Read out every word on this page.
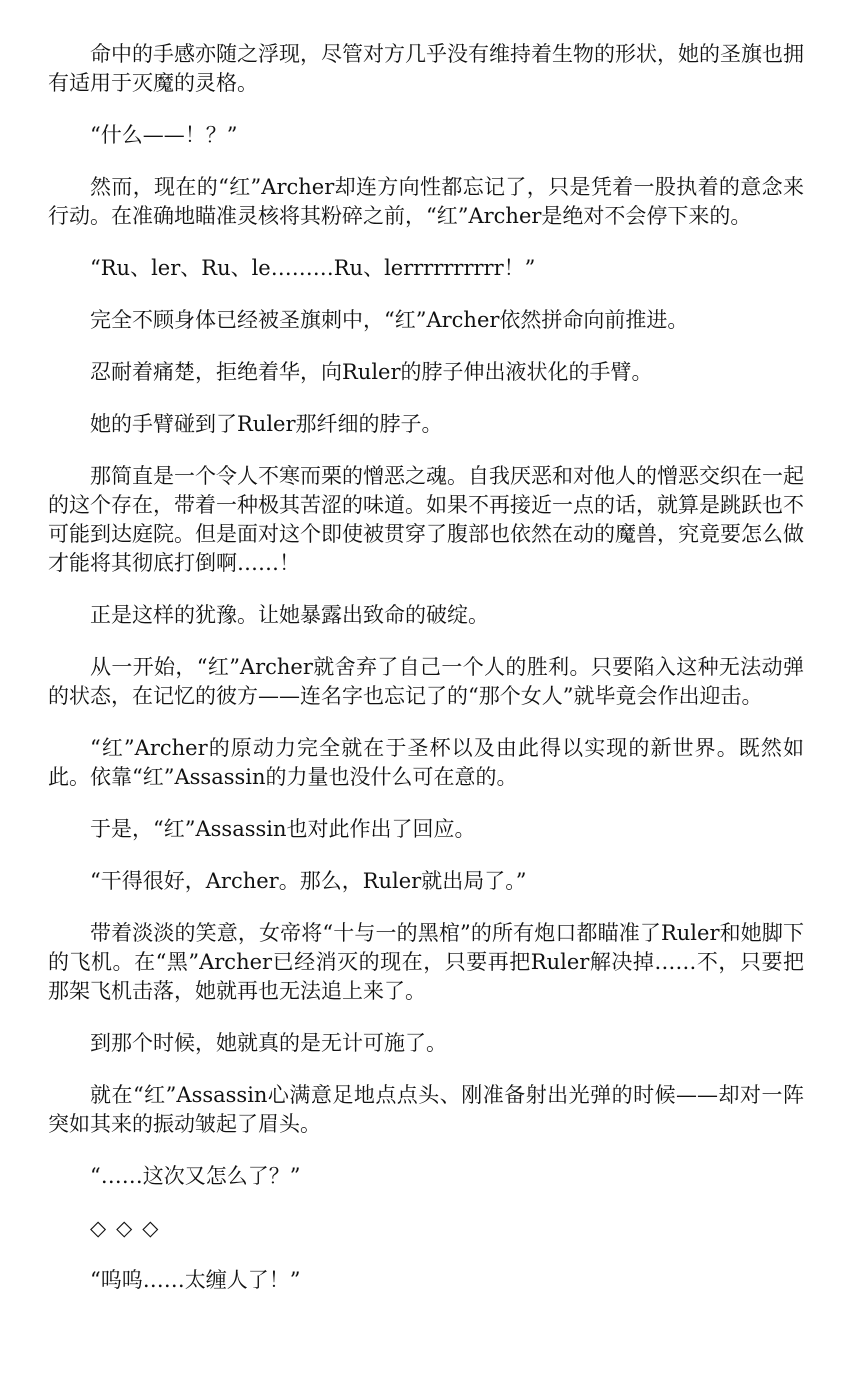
命中的手感亦随之浮现，尽管对方几乎没有维持着生物的形状，她的圣旗也拥有适用于灭魔的灵格。

“什么——！？”

然而，现在的“红”Archer却连方向性都忘记了，只是凭着一股执着的意念来行动。在准确地瞄准灵核将其粉碎之前，“红”Archer是绝对不会停下来的。

“Ru、ler、Ru、le………Ru、lerrrrrrrrrr！”

完全不顾身体已经被圣旗刺中，“红”Archer依然拼命向前推进。

忍耐着痛楚，拒绝着华，向Ruler的脖子伸出液状化的手臂。

她的手臂碰到了Ruler那纤细的脖子。

那简直是一个令人不寒而栗的憎恶之魂。自我厌恶和对他人的憎恶交织在一起的这个存在，带着一种极其苦涩的味道。如果不再接近一点的话，就算是跳跃也不可能到达庭院。但是面对这个即使被贯穿了腹部也依然在动的魔兽，究竟要怎么做才能将其彻底打倒啊……！

正是这样的犹豫。让她暴露出致命的破绽。

从一开始，“红”Archer就舍弃了自己一个人的胜利。只要陷入这种无法动弹的状态，在记忆的彼方——连名字也忘记了的“那个女人”就毕竟会作出迎击。

“红”Archer的原动力完全就在于圣杯以及由此得以实现的新世界。既然如此。依靠“红”Assassin的力量也没什么可在意的。

于是，“红”Assassin也对此作出了回应。

“干得很好，Archer。那么，Ruler就出局了。”

带着淡淡的笑意，女帝将“十与一的黑棺”的所有炮口都瞄准了Ruler和她脚下的飞机。在“黑”Archer已经消灭的现在，只要再把Ruler解决掉……不，只要把那架飞机击落，她就再也无法追上来了。

到那个时候，她就真的是无计可施了。

就在“红”Assassin心满意足地点点头、刚准备射出光弹的时候——却对一阵突如其来的振动皱起了眉头。

“……这次又怎么了？”

◇◇◇

“呜呜……太缠人了！”
